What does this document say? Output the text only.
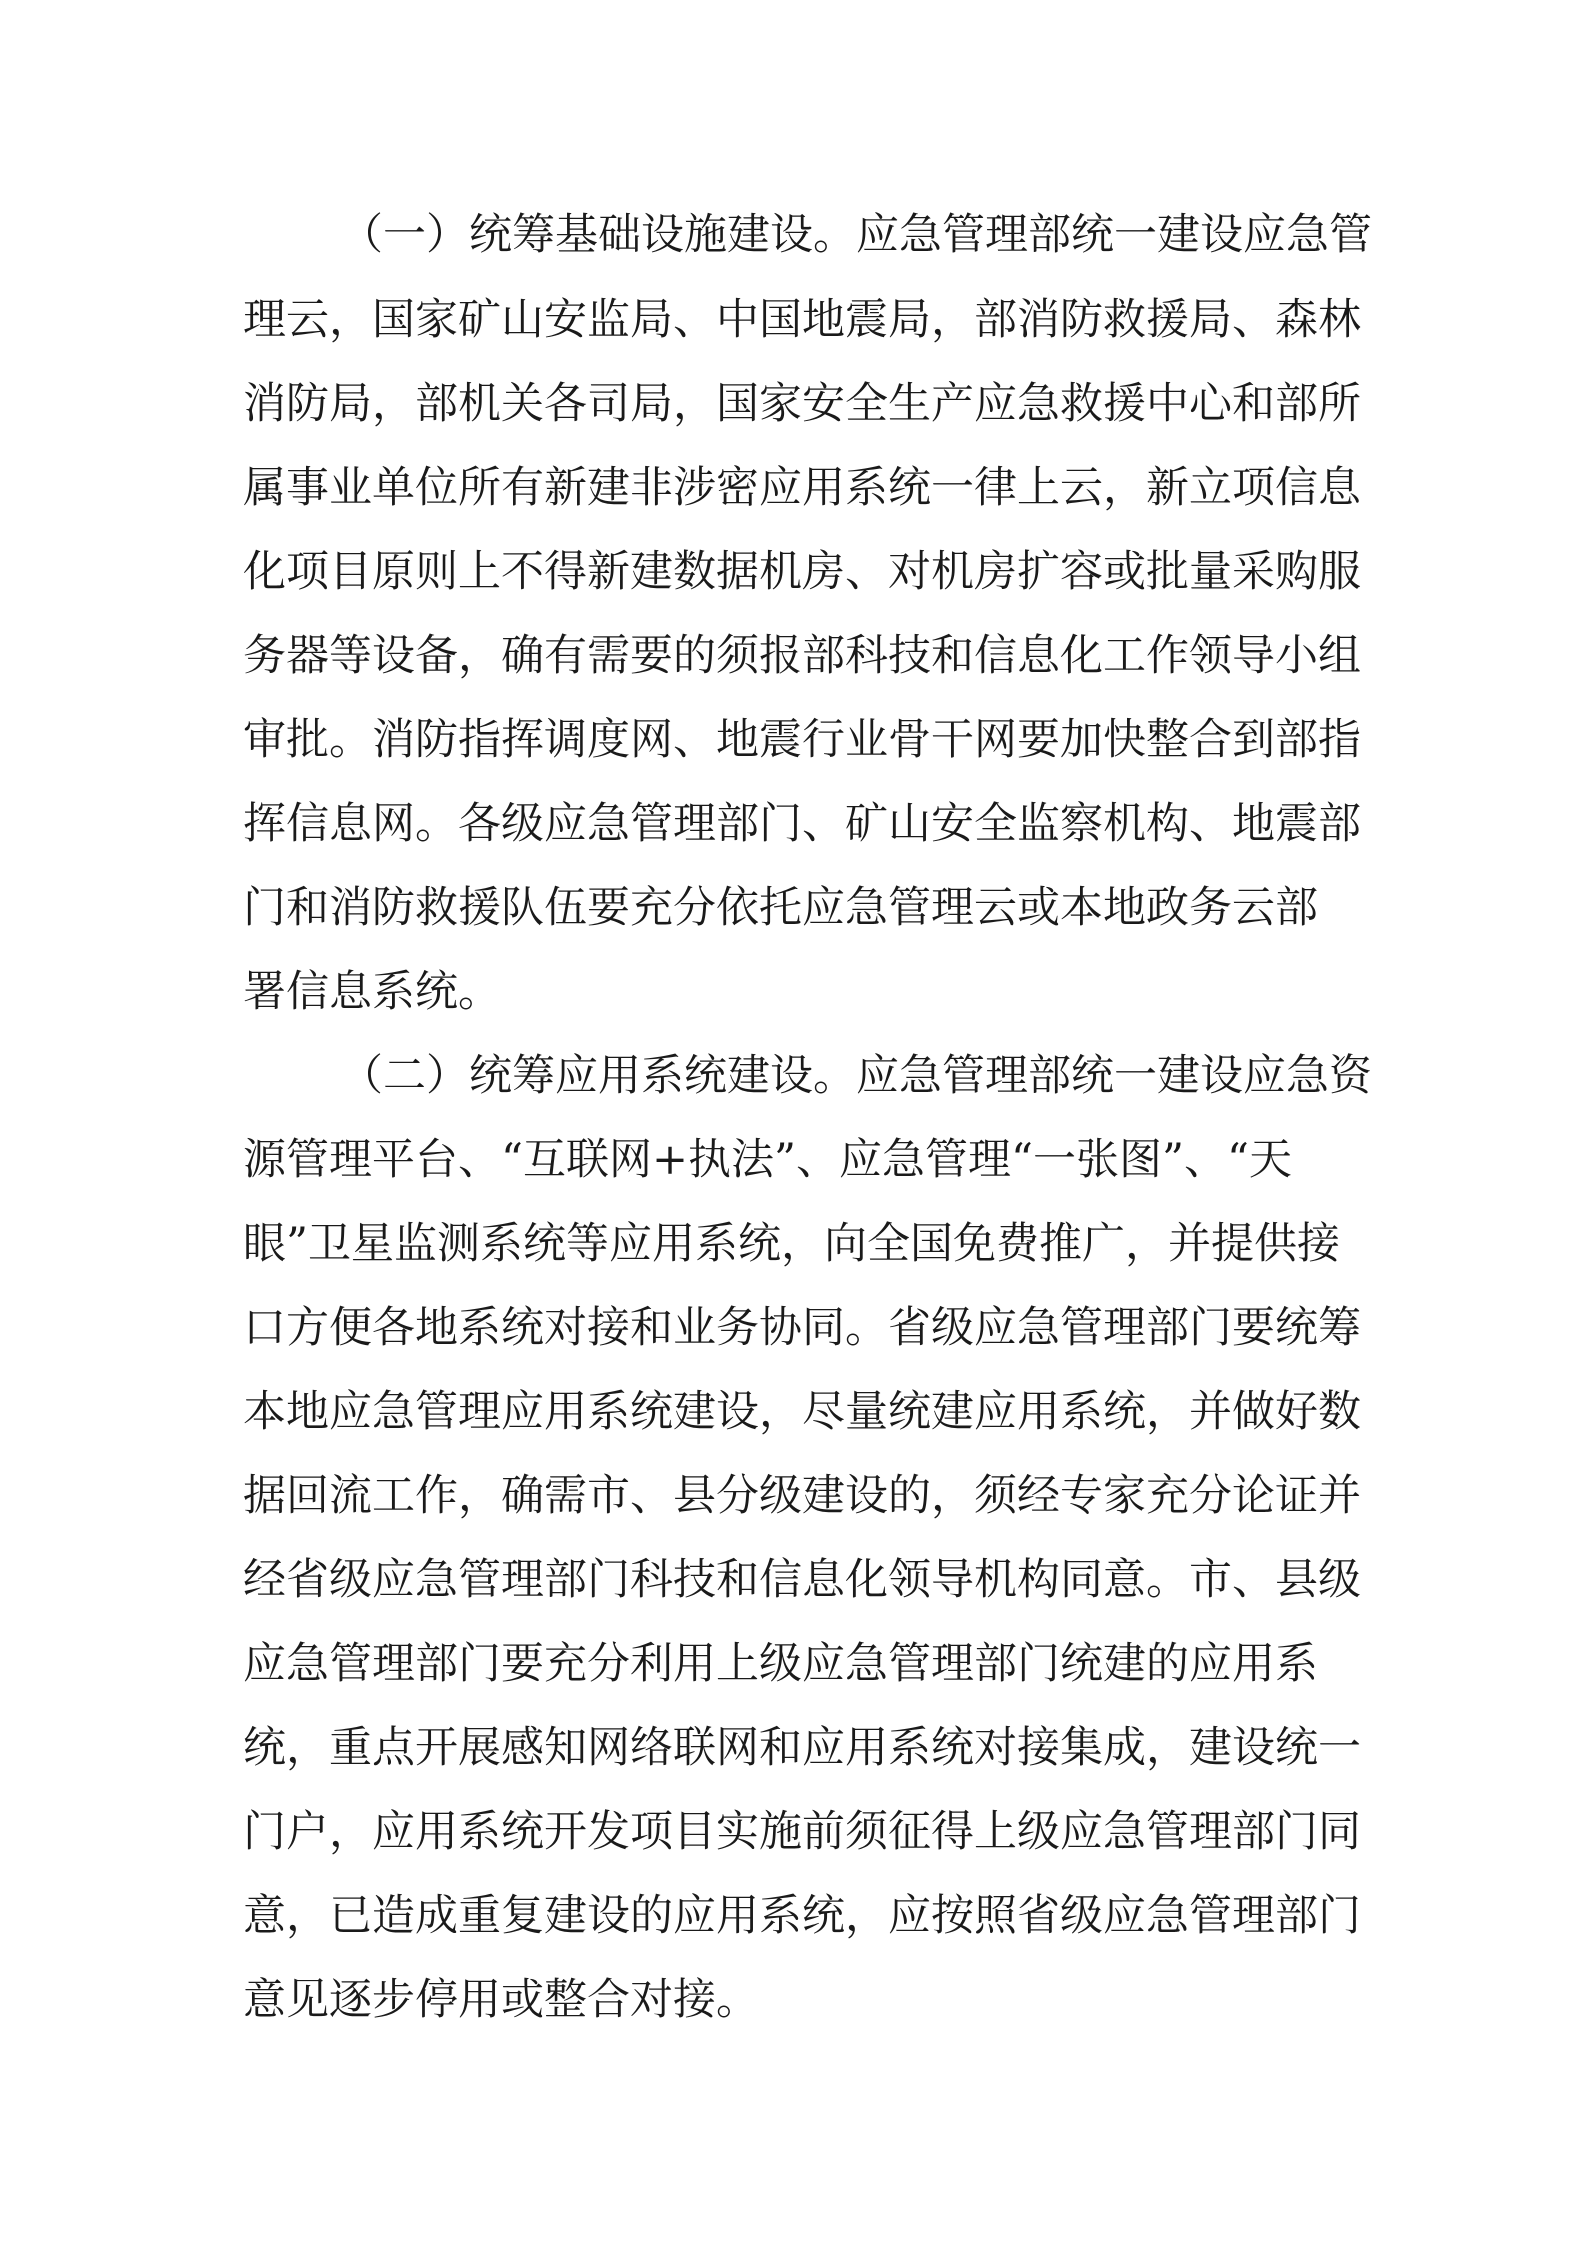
（一）统筹基础设施建设。应急管理部统一建设应急管
理云，国家矿山安监局、中国地震局，部消防救援局、森林
消防局，部机关各司局，国家安全生产应急救援中心和部所
属事业单位所有新建非涉密应用系统一律上云，新立项信息
化项目原则上不得新建数据机房、对机房扩容或批量采购服
务器等设备，确有需要的须报部科技和信息化工作领导小组
审批。消防指挥调度网、地震行业骨干网要加快整合到部指
挥信息网。各级应急管理部门、矿山安全监察机构、地震部
门和消防救援队伍要充分依托应急管理云或本地政务云部
署信息系统。
（二）统筹应用系统建设。应急管理部统一建设应急资
源管理平台、“互联网+执法”、应急管理“一张图”、“天
眼”卫星监测系统等应用系统，向全国免费推广，并提供接
口方便各地系统对接和业务协同。省级应急管理部门要统筹
本地应急管理应用系统建设，尽量统建应用系统，并做好数
据回流工作，确需市、县分级建设的，须经专家充分论证并
经省级应急管理部门科技和信息化领导机构同意。市、县级
应急管理部门要充分利用上级应急管理部门统建的应用系
统，重点开展感知网络联网和应用系统对接集成，建设统一
门户，应用系统开发项目实施前须征得上级应急管理部门同
意，已造成重复建设的应用系统，应按照省级应急管理部门
意见逐步停用或整合对接。
